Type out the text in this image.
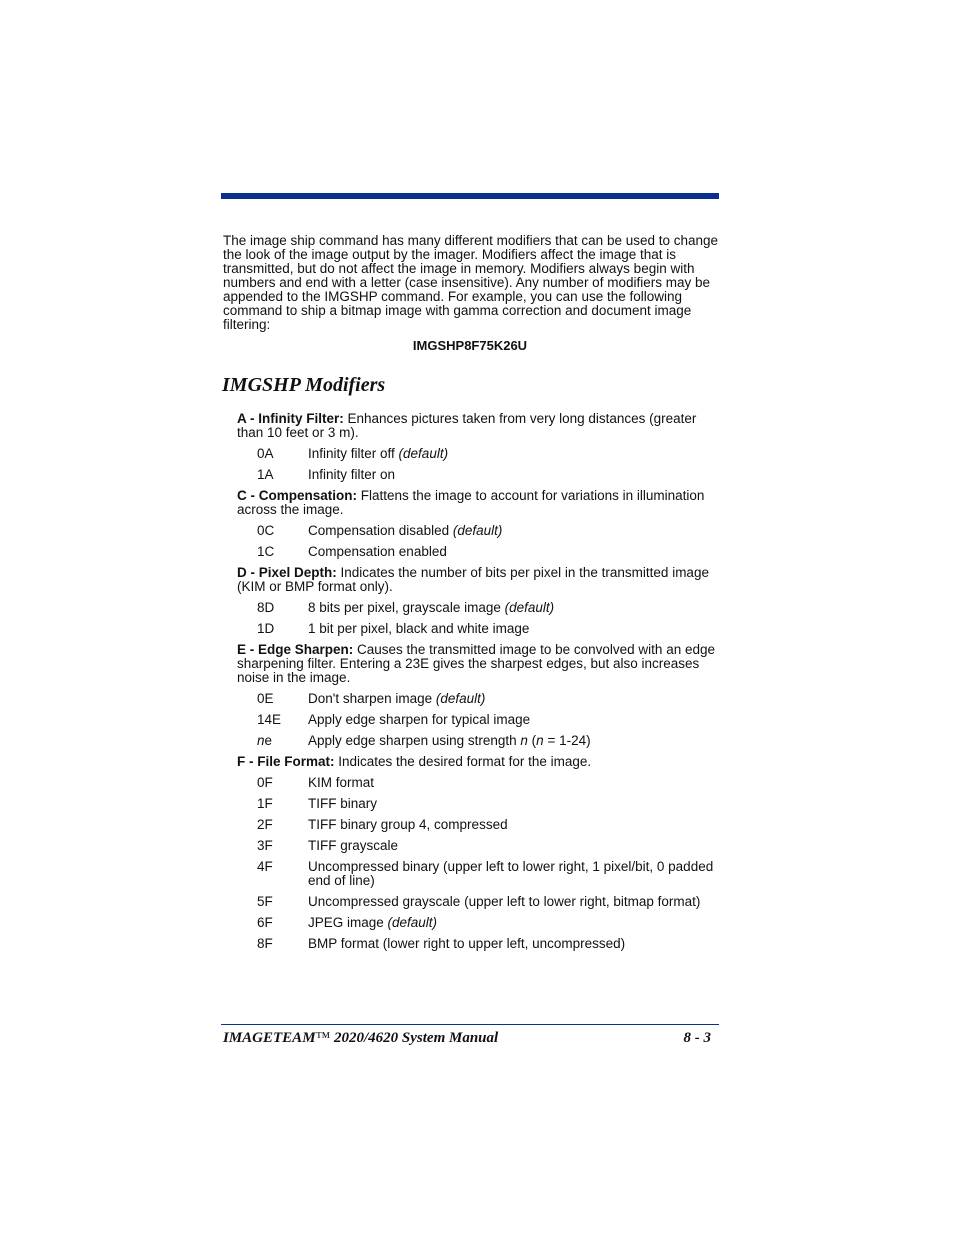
The image ship command has many different modifiers that can be used to change the look of the image output by the imager. Modifiers affect the image that is transmitted, but do not affect the image in memory. Modifiers always begin with numbers and end with a letter (case insensitive). Any number of modifiers may be appended to the IMGSHP command. For example, you can use the following command to ship a bitmap image with gamma correction and document image filtering:

IMGSHP8F75K26U
IMGSHP Modifiers

A - Infinity Filter: Enhances pictures taken from very long distances (greater than 10 feet or 3 m).

0A	Infinity filter off (default)
1A	Infinity filter on

C - Compensation: Flattens the image to account for variations in illumination across the image.

0C	Compensation disabled (default)
1C	Compensation enabled

D - Pixel Depth: Indicates the number of bits per pixel in the transmitted image (KIM or BMP format only).

8D	8 bits per pixel, grayscale image (default)
1D	1 bit per pixel, black and white image

E - Edge Sharpen: Causes the transmitted image to be convolved with an edge sharpening filter. Entering a 23E gives the sharpest edges, but also increases noise in the image.

0E	Don't sharpen image (default)
14E	Apply edge sharpen for typical image
ne	Apply edge sharpen using strength n (n = 1-24)

F - File Format: Indicates the desired format for the image.

0F	KIM format
1F	TIFF binary
2F	TIFF binary group 4, compressed
3F	TIFF grayscale
4F	Uncompressed binary (upper left to lower right, 1 pixel/bit, 0 padded end of line)
5F	Uncompressed grayscale (upper left to lower right, bitmap format)
6F	JPEG image (default)
8F	BMP format (lower right to upper left, uncompressed)
IMAGETEAM™ 2020/4620 System Manual	8 - 3
